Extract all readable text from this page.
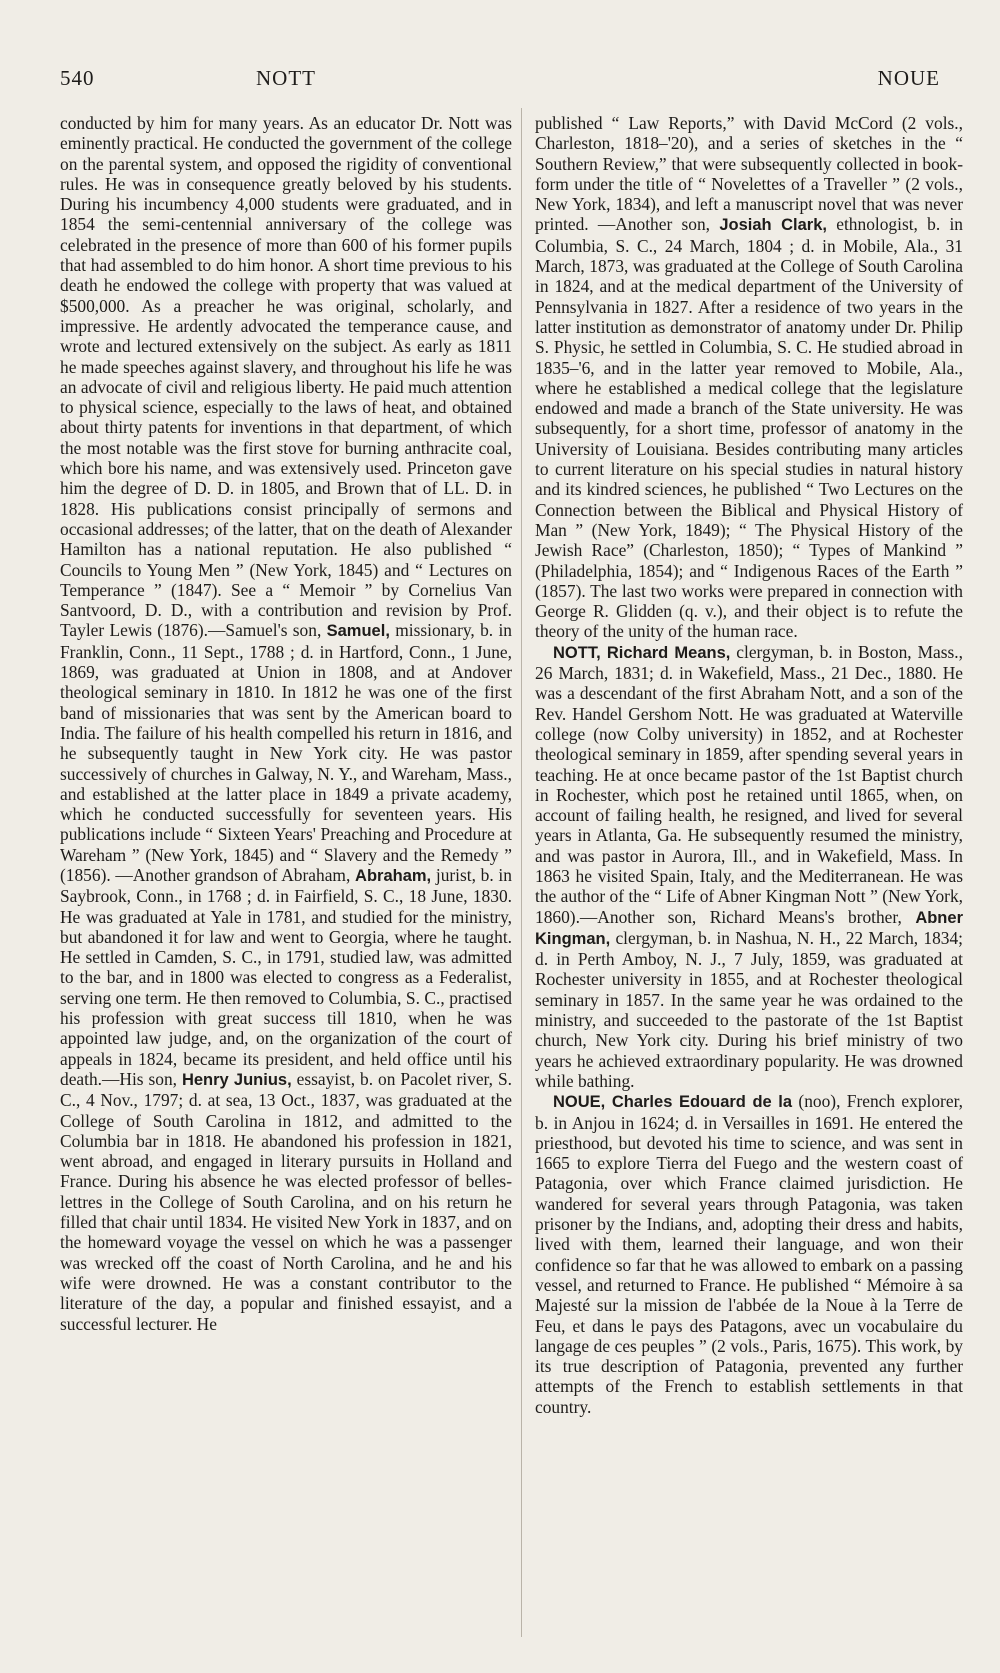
540	NOTT	NOUE

conducted by him for many years. As an educator Dr. Nott was eminently practical. He conducted the government of the college on the parental system, and opposed the rigidity of conventional rules. He was in consequence greatly beloved by his students. During his incumbency 4,000 students were graduated, and in 1854 the semi-centennial anniversary of the college was celebrated in the presence of more than 600 of his former pupils that had assembled to do him honor. A short time previous to his death he endowed the college with property that was valued at $500,000. As a preacher he was original, scholarly, and impressive. He ardently advocated the temperance cause, and wrote and lectured extensively on the subject. As early as 1811 he made speeches against slavery, and throughout his life he was an advocate of civil and religious liberty. He paid much attention to physical science, especially to the laws of heat, and obtained about thirty patents for inventions in that department, of which the most notable was the first stove for burning anthracite coal, which bore his name, and was extensively used. Princeton gave him the degree of D. D. in 1805, and Brown that of LL. D. in 1828. His publications consist principally of sermons and occasional addresses; of the latter, that on the death of Alexander Hamilton has a national reputation. He also published “ Councils to Young Men ” (New York, 1845) and “ Lectures on Temperance ” (1847). See a “ Memoir ” by Cornelius Van Santvoord, D. D., with a contribution and revision by Prof. Tayler Lewis (1876).—Samuel's son, Samuel, missionary, b. in Franklin, Conn., 11 Sept., 1788 ; d. in Hartford, Conn., 1 June, 1869, was graduated at Union in 1808, and at Andover theological seminary in 1810. In 1812 he was one of the first band of missionaries that was sent by the American board to India. The failure of his health compelled his return in 1816, and he subsequently taught in New York city. He was pastor successively of churches in Galway, N. Y., and Wareham, Mass., and established at the latter place in 1849 a private academy, which he conducted successfully for seventeen years. His publications include “ Sixteen Years' Preaching and Procedure at Wareham ” (New York, 1845) and “ Slavery and the Remedy ” (1856). —Another grandson of Abraham, Abraham, jurist, b. in Saybrook, Conn., in 1768 ; d. in Fairfield, S. C., 18 June, 1830. He was graduated at Yale in 1781, and studied for the ministry, but abandoned it for law and went to Georgia, where he taught. He settled in Camden, S. C., in 1791, studied law, was admitted to the bar, and in 1800 was elected to congress as a Federalist, serving one term. He then removed to Columbia, S. C., practised his profession with great success till 1810, when he was appointed law judge, and, on the organization of the court of appeals in 1824, became its president, and held office until his death.—His son, Henry Junius, essayist, b. on Pacolet river, S. C., 4 Nov., 1797; d. at sea, 13 Oct., 1837, was graduated at the College of South Carolina in 1812, and admitted to the Columbia bar in 1818. He abandoned his profession in 1821, went abroad, and engaged in literary pursuits in Holland and France. During his absence he was elected professor of belles-lettres in the College of South Carolina, and on his return he filled that chair until 1834. He visited New York in 1837, and on the homeward voyage the vessel on which he was a passenger was wrecked off the coast of North Carolina, and he and his wife were drowned. He was a constant contributor to the literature of the day, a popular and finished essayist, and a successful lecturer. He

published “ Law Reports,” with David McCord (2 vols., Charleston, 1818–'20), and a series of sketches in the “ Southern Review,” that were subsequently collected in book-form under the title of “ Novelettes of a Traveller ” (2 vols., New York, 1834), and left a manuscript novel that was never printed. —Another son, Josiah Clark, ethnologist, b. in Columbia, S. C., 24 March, 1804 ; d. in Mobile, Ala., 31 March, 1873, was graduated at the College of South Carolina in 1824, and at the medical department of the University of Pennsylvania in 1827. After a residence of two years in the latter institution as demonstrator of anatomy under Dr. Philip S. Physic, he settled in Columbia, S. C. He studied abroad in 1835–'6, and in the latter year removed to Mobile, Ala., where he established a medical college that the legislature endowed and made a branch of the State university. He was subsequently, for a short time, professor of anatomy in the University of Louisiana. Besides contributing many articles to current literature on his special studies in natural history and its kindred sciences, he published “ Two Lectures on the Connection between the Biblical and Physical History of Man ” (New York, 1849); “ The Physical History of the Jewish Race” (Charleston, 1850); “ Types of Mankind ” (Philadelphia, 1854); and “ Indigenous Races of the Earth ” (1857). The last two works were prepared in connection with George R. Glidden (q. v.), and their object is to refute the theory of the unity of the human race.

NOTT, Richard Means, clergyman, b. in Boston, Mass., 26 March, 1831; d. in Wakefield, Mass., 21 Dec., 1880. He was a descendant of the first Abraham Nott, and a son of the Rev. Handel Gershom Nott. He was graduated at Waterville college (now Colby university) in 1852, and at Rochester theological seminary in 1859, after spending several years in teaching. He at once became pastor of the 1st Baptist church in Rochester, which post he retained until 1865, when, on account of failing health, he resigned, and lived for several years in Atlanta, Ga. He subsequently resumed the ministry, and was pastor in Aurora, Ill., and in Wakefield, Mass. In 1863 he visited Spain, Italy, and the Mediterranean. He was the author of the “ Life of Abner Kingman Nott ” (New York, 1860).—Another son, Richard Means's brother, Abner Kingman, clergyman, b. in Nashua, N. H., 22 March, 1834; d. in Perth Amboy, N. J., 7 July, 1859, was graduated at Rochester university in 1855, and at Rochester theological seminary in 1857. In the same year he was ordained to the ministry, and succeeded to the pastorate of the 1st Baptist church, New York city. During his brief ministry of two years he achieved extraordinary popularity. He was drowned while bathing.

NOUE, Charles Edouard de la (noo), French explorer, b. in Anjou in 1624; d. in Versailles in 1691. He entered the priesthood, but devoted his time to science, and was sent in 1665 to explore Tierra del Fuego and the western coast of Patagonia, over which France claimed jurisdiction. He wandered for several years through Patagonia, was taken prisoner by the Indians, and, adopting their dress and habits, lived with them, learned their language, and won their confidence so far that he was allowed to embark on a passing vessel, and returned to France. He published “ Mémoire à sa Majesté sur la mission de l'abbée de la Noue à la Terre de Feu, et dans le pays des Patagons, avec un vocabulaire du langage de ces peuples ” (2 vols., Paris, 1675). This work, by its true description of Patagonia, prevented any further attempts of the French to establish settlements in that country.
